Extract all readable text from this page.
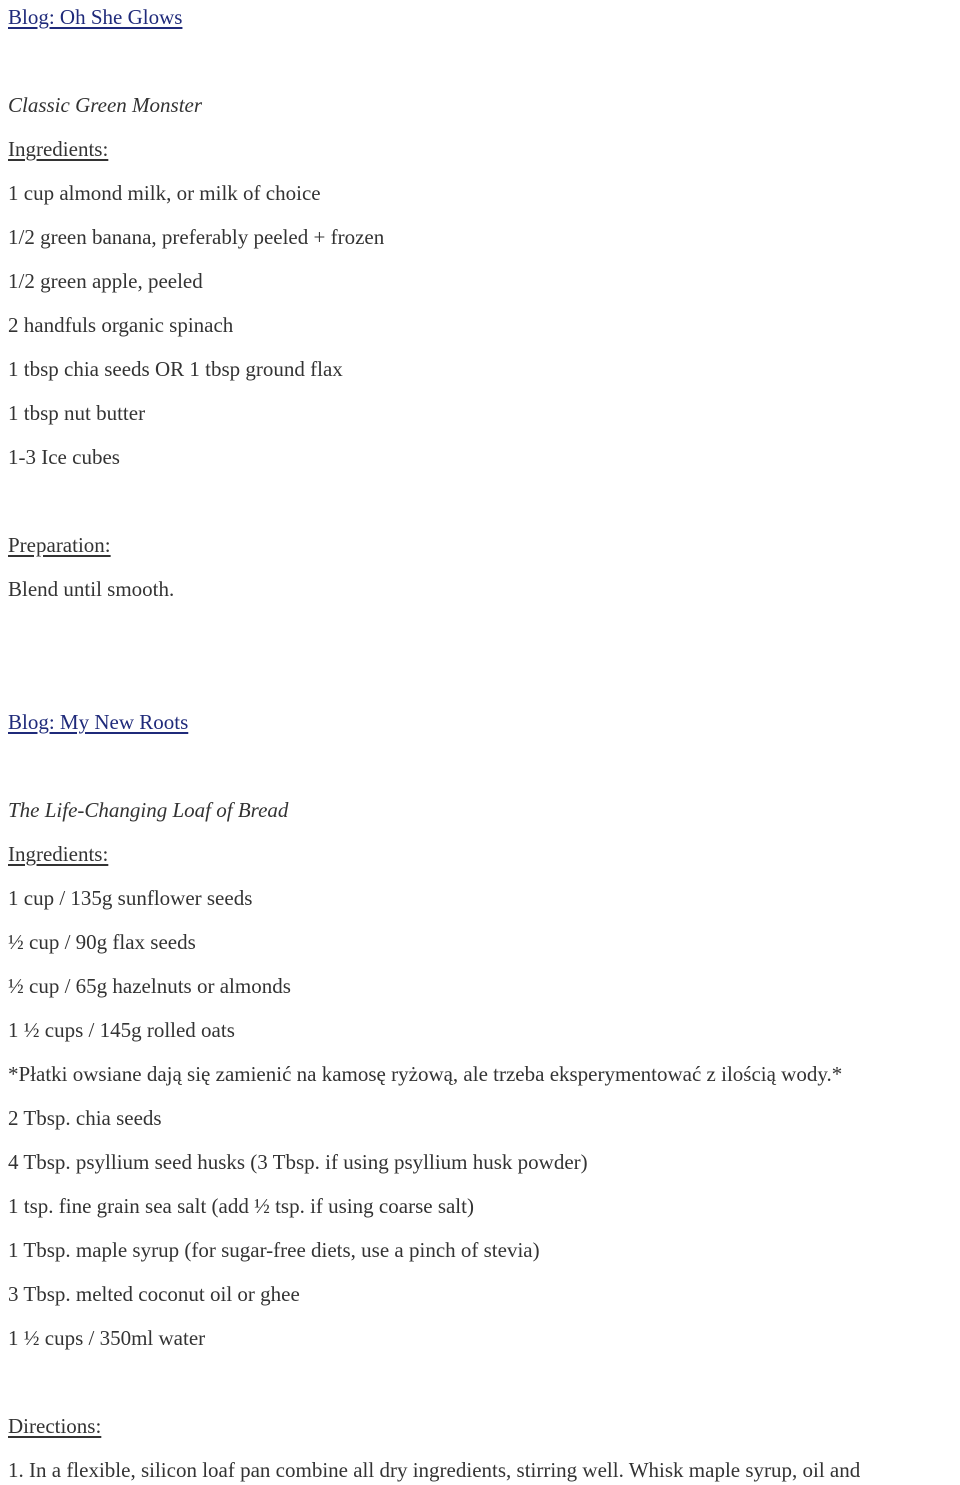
Blog: Oh She Glows
Classic Green Monster
Ingredients:
1 cup almond milk, or milk of choice
1/2 green banana, preferably peeled + frozen
1/2 green apple, peeled
2 handfuls organic spinach
1 tbsp chia seeds OR 1 tbsp ground flax
1 tbsp nut butter
1-3 Ice cubes
Preparation:
Blend until smooth.
Blog: My New Roots
The Life-Changing Loaf of Bread
Ingredients:
1 cup / 135g sunflower seeds
½ cup / 90g flax seeds
½ cup / 65g hazelnuts or almonds
1 ½ cups / 145g rolled oats
*Płatki owsiane dają się zamienić na kamosę ryżową, ale trzeba eksperymentować z ilością wody.*
2 Tbsp. chia seeds
4 Tbsp. psyllium seed husks (3 Tbsp. if using psyllium husk powder)
1 tsp. fine grain sea salt (add ½ tsp. if using coarse salt)
1 Tbsp. maple syrup (for sugar-free diets, use a pinch of stevia)
3 Tbsp. melted coconut oil or ghee
1 ½ cups / 350ml water
Directions:
1. In a flexible, silicon loaf pan combine all dry ingredients, stirring well. Whisk maple syrup, oil and
